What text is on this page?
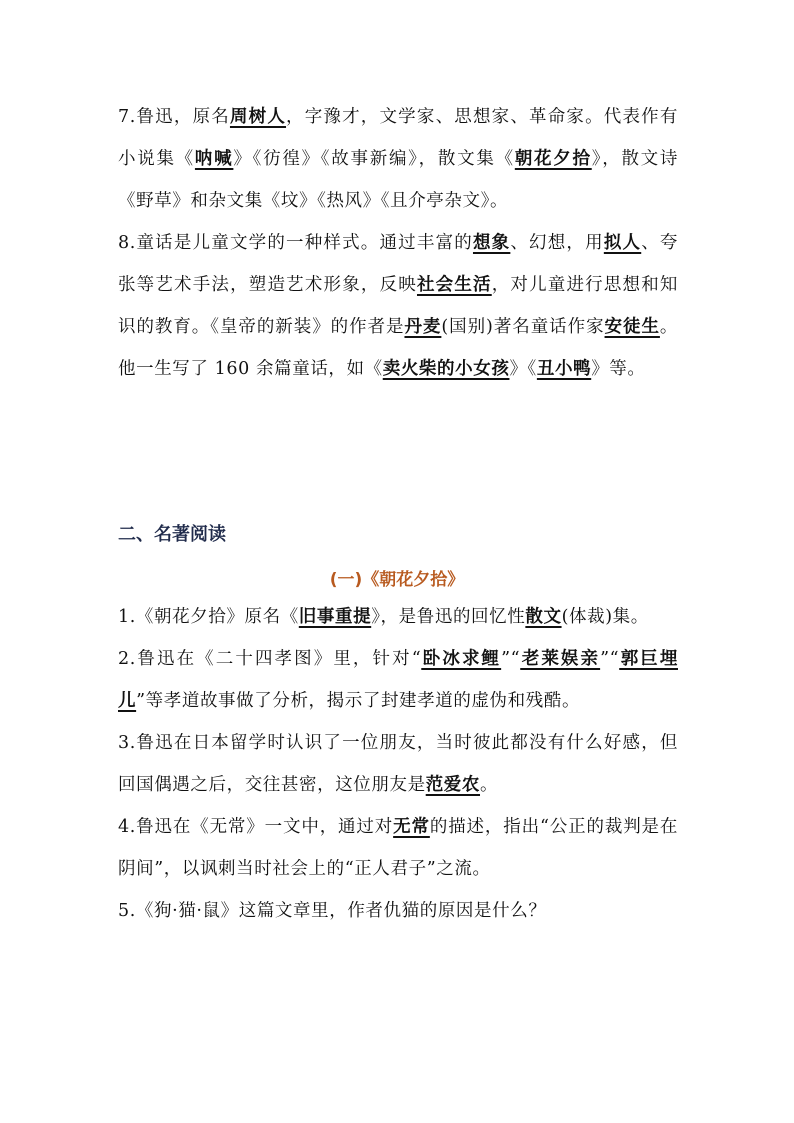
7.鲁迅，原名周树人，字豫才，文学家、思想家、革命家。代表作有小说集《呐喊》《彷徨》《故事新编》，散文集《朝花夕拾》，散文诗《野草》和杂文集《坟》《热风》《且介亭杂文》。

8.童话是儿童文学的一种样式。通过丰富的想象、幻想，用拟人、夸张等艺术手法，塑造艺术形象，反映社会生活，对儿童进行思想和知识的教育。《皇帝的新装》的作者是丹麦(国别)著名童话作家安徒生。他一生写了 160 余篇童话，如《卖火柴的小女孩》《丑小鸭》等。

二、名著阅读
(一)《朝花夕拾》

1.《朝花夕拾》原名《旧事重提》，是鲁迅的回忆性散文(体裁)集。

2.鲁迅在《二十四孝图》里，针对“卧冰求鲤”“老莱娱亲”“郭巨埋儿”等孝道故事做了分析，揭示了封建孝道的虚伪和残酷。

3.鲁迅在日本留学时认识了一位朋友，当时彼此都没有什么好感，但回国偶遇之后，交往甚密，这位朋友是范爱农。

4.鲁迅在《无常》一文中，通过对无常的描述，指出“公正的裁判是在阴间”，以讽刺当时社会上的“正人君子”之流。

5.《狗·猫·鼠》这篇文章里，作者仇猫的原因是什么？
